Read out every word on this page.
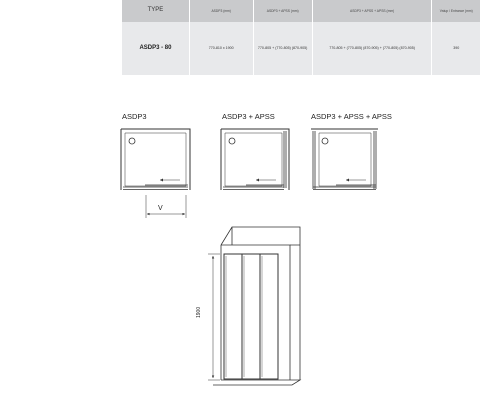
TYPE	ASDP3 (mm)	ASDP3 + APSS (mm)	ASDP3 + APSS + APSS (mm)	Vstup / Entrance (mm)
ASDP3 - 80	770-810 x 1900	770-805 + (770-805) (870-905)	770-805 + (770-805) (870-905) + (770-805) (870-905)	390
ASDP3	ASDP3 + APSS	ASDP3 + APSS + APSS
V
1900
